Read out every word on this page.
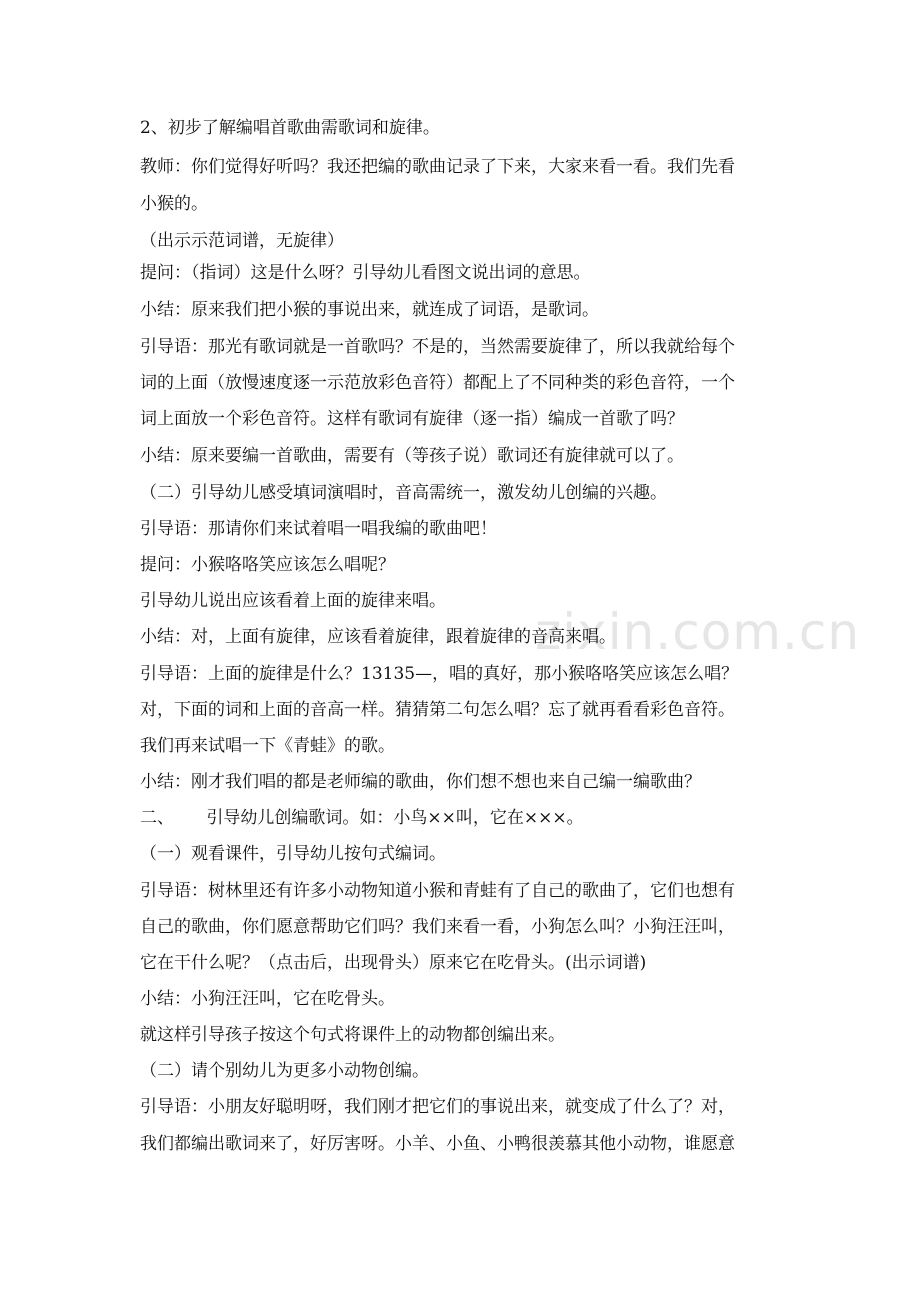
zixin.com.cn
2、初步了解编唱首歌曲需歌词和旋律。
教师：你们觉得好听吗？我还把编的歌曲记录了下来，大家来看一看。我们先看
小猴的。
（出示示范词谱，无旋律）
提问：（指词）这是什么呀？引导幼儿看图文说出词的意思。
小结：原来我们把小猴的事说出来，就连成了词语，是歌词。
引导语：那光有歌词就是一首歌吗？不是的，当然需要旋律了，所以我就给每个
词的上面（放慢速度逐一示范放彩色音符）都配上了不同种类的彩色音符，一个
词上面放一个彩色音符。这样有歌词有旋律（逐一指）编成一首歌了吗？
小结：原来要编一首歌曲，需要有（等孩子说）歌词还有旋律就可以了。
（二）引导幼儿感受填词演唱时，音高需统一，激发幼儿创编的兴趣。
引导语：那请你们来试着唱一唱我编的歌曲吧！
提问：小猴咯咯笑应该怎么唱呢？
引导幼儿说出应该看着上面的旋律来唱。
小结：对，上面有旋律，应该看着旋律，跟着旋律的音高来唱。
引导语：上面的旋律是什么？13135—，唱的真好，那小猴咯咯笑应该怎么唱？
对，下面的词和上面的音高一样。猜猜第二句怎么唱？忘了就再看看彩色音符。
我们再来试唱一下《青蛙》的歌。
小结：刚才我们唱的都是老师编的歌曲，你们想不想也来自己编一编歌曲？
二、      引导幼儿创编歌词。如：小鸟××叫，它在×××。
（一）观看课件，引导幼儿按句式编词。
引导语：树林里还有许多小动物知道小猴和青蛙有了自己的歌曲了，它们也想有
自己的歌曲，你们愿意帮助它们吗？我们来看一看，小狗怎么叫？小狗汪汪叫，
它在干什么呢？（点击后，出现骨头）原来它在吃骨头。(出示词谱)
小结：小狗汪汪叫，它在吃骨头。
就这样引导孩子按这个句式将课件上的动物都创编出来。
（二）请个别幼儿为更多小动物创编。
引导语：小朋友好聪明呀，我们刚才把它们的事说出来，就变成了什么了？对，
我们都编出歌词来了，好厉害呀。小羊、小鱼、小鸭很羡慕其他小动物，谁愿意
